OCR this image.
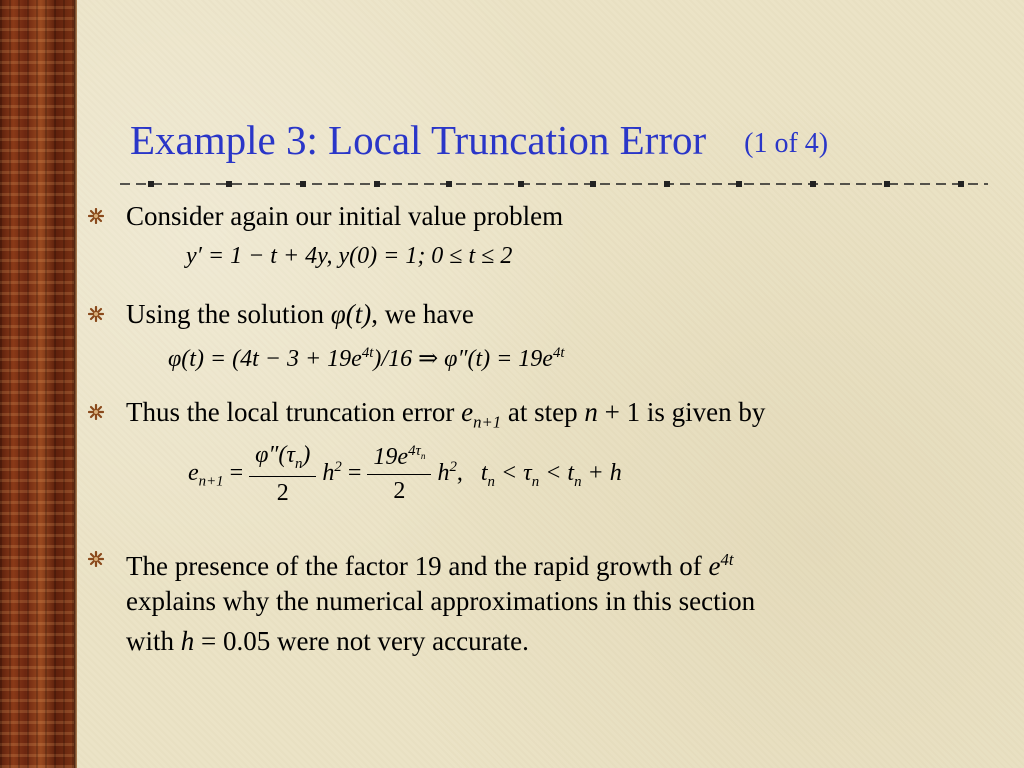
Example 3: Local Truncation Error (1 of 4)
Consider again our initial value problem
y′ = 1 − t + 4y, y(0) = 1; 0 ≤ t ≤ 2
Using the solution φ(t), we have
$\varphi(t) = (4t - 3 + 19e^{4t})/16$ ⇒ $\varphi''(t) = 19e^{4t}$
Thus the local truncation error $e_{n+1}$ at step n + 1 is given by
$e_{n+1} = \frac{\varphi''(\tau_n)}{2} h^2 = \frac{19e^{4\tau_n}}{2} h^2$,   $t_n < \tau_n < t_n + h$
The presence of the factor 19 and the rapid growth of $e^{4t}$
explains why the numerical approximations in this section
with h = 0.05 were not very accurate.
